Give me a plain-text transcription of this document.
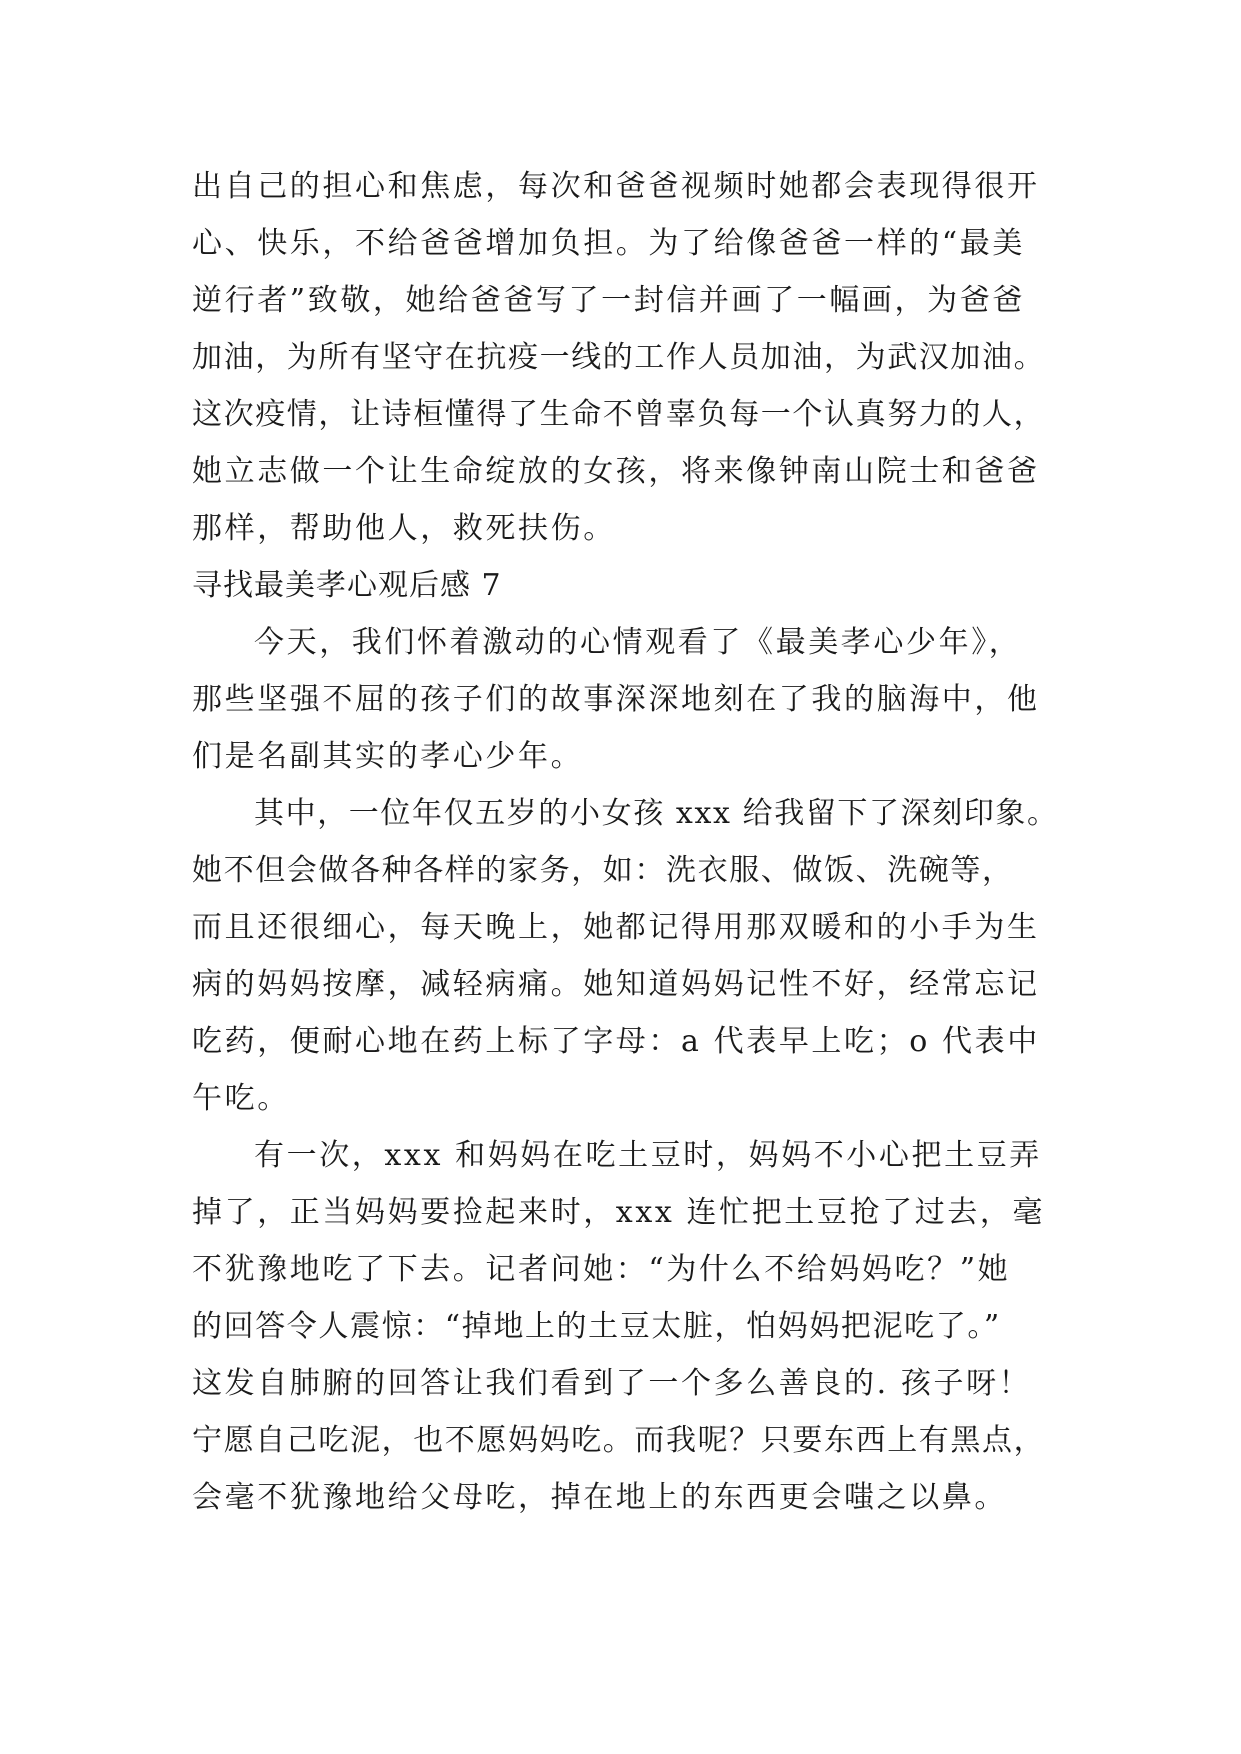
出自己的担心和焦虑，每次和爸爸视频时她都会表现得很开
心、快乐，不给爸爸增加负担。为了给像爸爸一样的“最美
逆行者”致敬，她给爸爸写了一封信并画了一幅画，为爸爸
加油，为所有坚守在抗疫一线的工作人员加油，为武汉加油。
这次疫情，让诗桓懂得了生命不曾辜负每一个认真努力的人，
她立志做一个让生命绽放的女孩，将来像钟南山院士和爸爸
那样，帮助他人，救死扶伤。
寻找最美孝心观后感 7
今天，我们怀着激动的心情观看了《最美孝心少年》，
那些坚强不屈的孩子们的故事深深地刻在了我的脑海中，他
们是名副其实的孝心少年。
其中，一位年仅五岁的小女孩 xxx 给我留下了深刻印象。
她不但会做各种各样的家务，如：洗衣服、做饭、洗碗等，
而且还很细心，每天晚上，她都记得用那双暖和的小手为生
病的妈妈按摩，减轻病痛。她知道妈妈记性不好，经常忘记
吃药，便耐心地在药上标了字母：a 代表早上吃；o 代表中
午吃。
有一次，xxx 和妈妈在吃土豆时，妈妈不小心把土豆弄
掉了，正当妈妈要捡起来时，xxx 连忙把土豆抢了过去，毫
不犹豫地吃了下去。记者问她：“为什么不给妈妈吃？”她
的回答令人震惊：“掉地上的土豆太脏，怕妈妈把泥吃了。”
这发自肺腑的回答让我们看到了一个多么善良的. 孩子呀！
宁愿自己吃泥，也不愿妈妈吃。而我呢？只要东西上有黑点，
会毫不犹豫地给父母吃，掉在地上的东西更会嗤之以鼻。
